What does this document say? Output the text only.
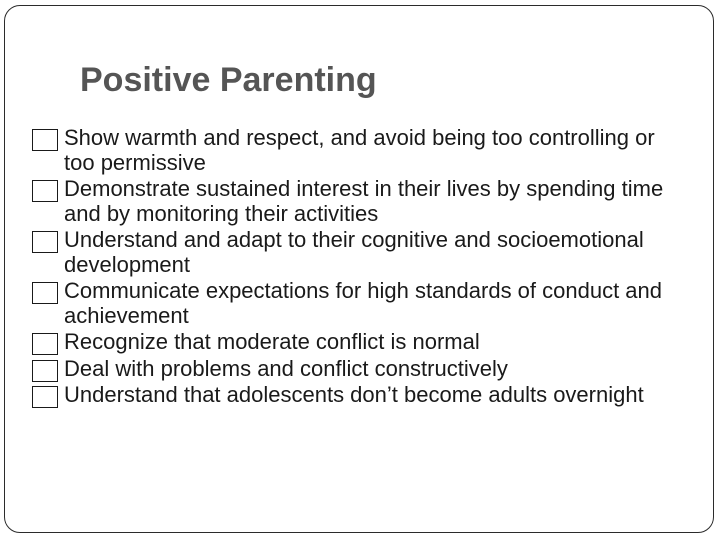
Positive Parenting
Show warmth and respect, and avoid being too controlling or too permissive
Demonstrate sustained interest in their lives by spending time and by monitoring their activities
Understand and adapt to their cognitive and socioemotional development
Communicate expectations for high standards of conduct and achievement
Recognize that moderate conflict is normal
Deal with problems and conflict constructively
Understand that adolescents don’t become adults overnight
